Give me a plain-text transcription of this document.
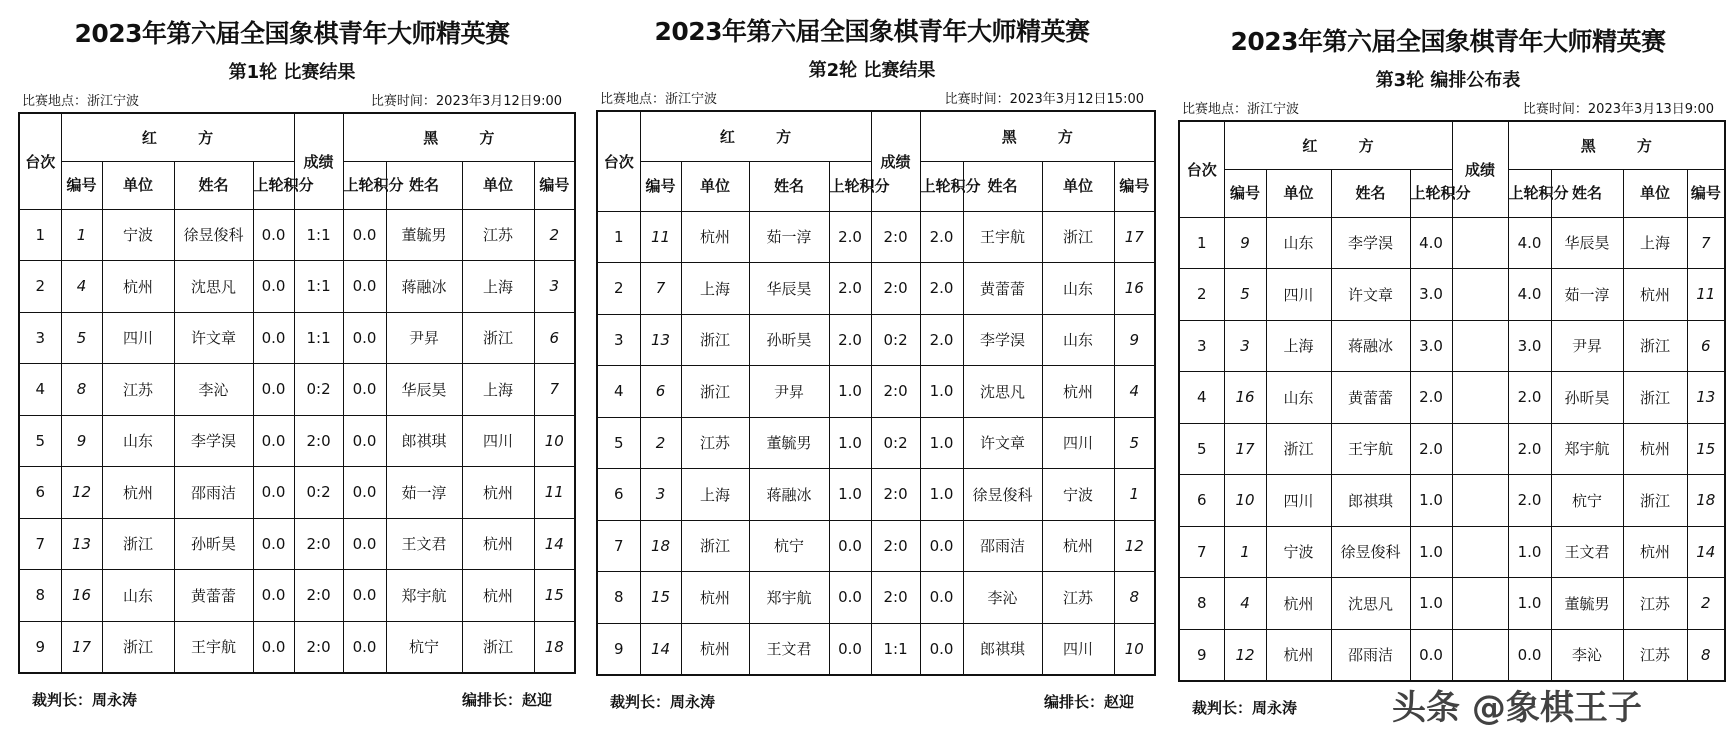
2023年第六届全国象棋青年大师精英赛
第1轮 比赛结果
比赛地点：浙江宁波	比赛时间：2023年3月12日9:00
台次	红 方				成绩	黑 方			
	编号	单位	姓名	上轮积分		上轮积分	姓名	单位	编号
1	1	宁波	徐昱俊科	0.0	1:1	0.0	董毓男	江苏	2
2	4	杭州	沈思凡	0.0	1:1	0.0	蒋融冰	上海	3
3	5	四川	许文章	0.0	1:1	0.0	尹昇	浙江	6
4	8	江苏	李沁	0.0	0:2	0.0	华辰昊	上海	7
5	9	山东	李学淏	0.0	2:0	0.0	郎祺琪	四川	10
6	12	杭州	邵雨洁	0.0	0:2	0.0	茹一淳	杭州	11
7	13	浙江	孙昕昊	0.0	2:0	0.0	王文君	杭州	14
8	16	山东	黄蕾蕾	0.0	2:0	0.0	郑宇航	杭州	15
9	17	浙江	王宇航	0.0	2:0	0.0	杭宁	浙江	18
裁判长：周永涛	编排长：赵迎
2023年第六届全国象棋青年大师精英赛
第2轮 比赛结果
比赛地点：浙江宁波	比赛时间：2023年3月12日15:00
台次	红 方				成绩	黑 方			
	编号	单位	姓名	上轮积分		上轮积分	姓名	单位	编号
1	11	杭州	茹一淳	2.0	2:0	2.0	王宇航	浙江	17
2	7	上海	华辰昊	2.0	2:0	2.0	黄蕾蕾	山东	16
3	13	浙江	孙昕昊	2.0	0:2	2.0	李学淏	山东	9
4	6	浙江	尹昇	1.0	2:0	1.0	沈思凡	杭州	4
5	2	江苏	董毓男	1.0	0:2	1.0	许文章	四川	5
6	3	上海	蒋融冰	1.0	2:0	1.0	徐昱俊科	宁波	1
7	18	浙江	杭宁	0.0	2:0	0.0	邵雨洁	杭州	12
8	15	杭州	郑宇航	0.0	2:0	0.0	李沁	江苏	8
9	14	杭州	王文君	0.0	1:1	0.0	郎祺琪	四川	10
裁判长：周永涛	编排长：赵迎
2023年第六届全国象棋青年大师精英赛
第3轮 编排公布表
比赛地点：浙江宁波	比赛时间：2023年3月13日9:00
台次	红 方				成绩	黑 方			
	编号	单位	姓名	上轮积分		上轮积分	姓名	单位	编号
1	9	山东	李学淏	4.0		4.0	华辰昊	上海	7
2	5	四川	许文章	3.0		4.0	茹一淳	杭州	11
3	3	上海	蒋融冰	3.0		3.0	尹昇	浙江	6
4	16	山东	黄蕾蕾	2.0		2.0	孙昕昊	浙江	13
5	17	浙江	王宇航	2.0		2.0	郑宇航	杭州	15
6	10	四川	郎祺琪	1.0		2.0	杭宁	浙江	18
7	1	宁波	徐昱俊科	1.0		1.0	王文君	杭州	14
8	4	杭州	沈思凡	1.0		1.0	董毓男	江苏	2
9	12	杭州	邵雨洁	0.0		0.0	李沁	江苏	8
裁判长：周永涛	头条 @象棋王子
